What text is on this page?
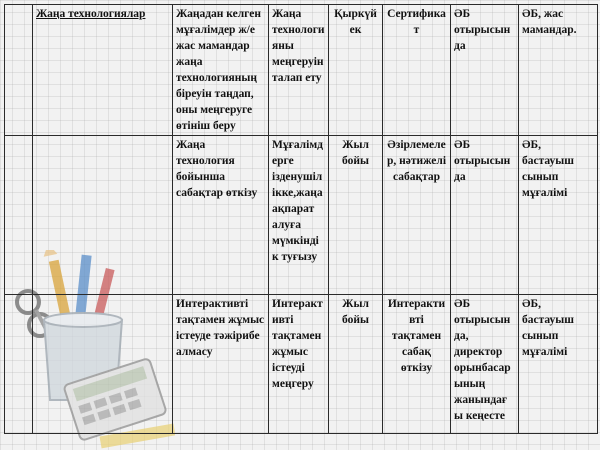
	Жаңа технологиялар	Жаңадан келген мұғалімдер ж/е жас мамандар жаңа технологияның біреуін таңдап, оны меңгеруге өтініш беру	Жаңа технологияны меңгеруін талап ету	Қыркүйек	Сертификат	ӘБ отырысында	ӘБ, жас мамандар.
		Жаңа технология бойынша сабақтар өткізу	Мұғалімдерге ізденушілікке,жаңа ақпарат алуға мүмкіндік туғызу	Жыл бойы	Әзірлемелер, нәтижелі сабақтар	ӘБ отырысында	ӘБ, бастауыш сынып мұғалімі
		Интерактивті тақтамен жұмыс істеуде тәжірибе алмасу	Интерактивті тақтамен жұмыс істеуді меңгеру	Жыл бойы	Интерактивті тақтамен сабақ өткізу	ӘБ отырысында, директор орынбасарының жанындағы кеңесте	ӘБ, бастауыш сынып мұғалімі
